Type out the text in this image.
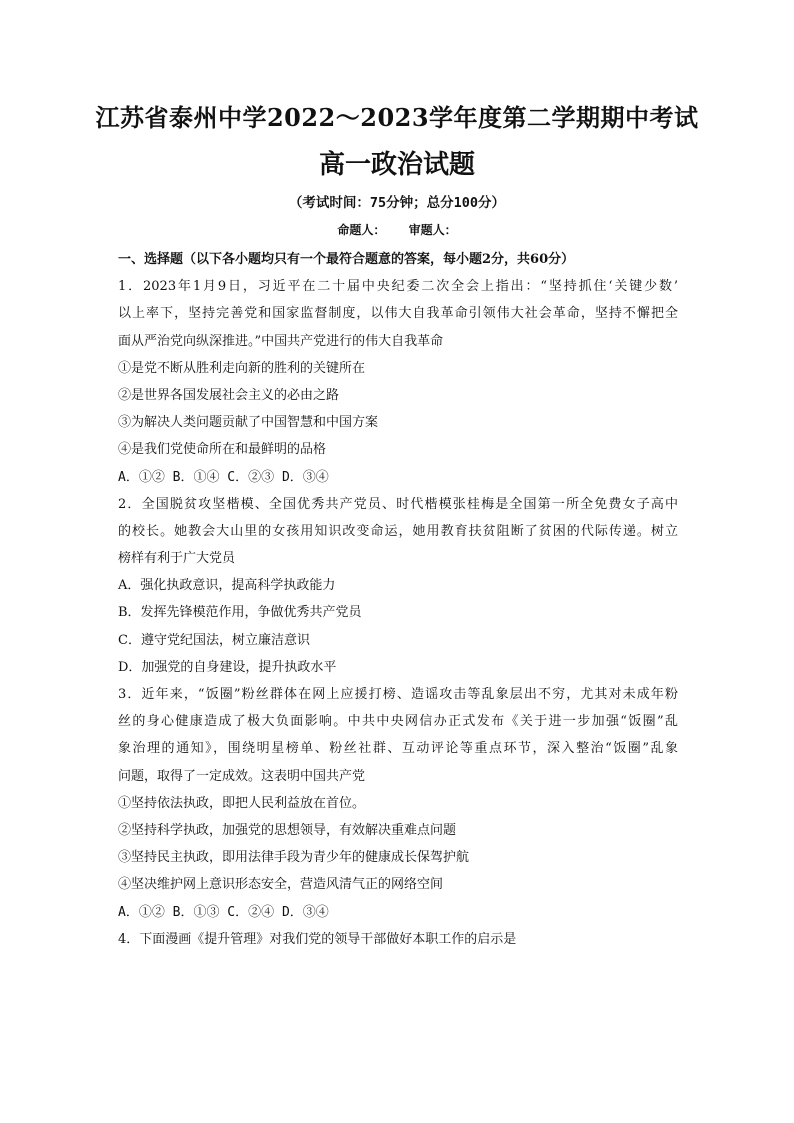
江苏省泰州中学2022～2023学年度第二学期期中考试
高一政治试题
（考试时间：75分钟；总分100分）
命题人： 审题人：
一、选择题（以下各小题均只有一个最符合题意的答案，每小题2分，共60分）
1．2023年1月9日，习近平在二十届中央纪委二次全会上指出：“坚持抓住‘关键少数’
以上率下，坚持完善党和国家监督制度，以伟大自我革命引领伟大社会革命，坚持不懈把全
面从严治党向纵深推进。”中国共产党进行的伟大自我革命
①是党不断从胜利走向新的胜利的关键所在
②是世界各国发展社会主义的必由之路
③为解决人类问题贡献了中国智慧和中国方案
④是我们党使命所在和最鲜明的品格
A．①② B．①④ C．②③ D．③④
2．全国脱贫攻坚楷模、全国优秀共产党员、时代楷模张桂梅是全国第一所全免费女子高中
的校长。她教会大山里的女孩用知识改变命运，她用教育扶贫阻断了贫困的代际传递。树立
榜样有利于广大党员
A．强化执政意识，提高科学执政能力
B．发挥先锋模范作用，争做优秀共产党员
C．遵守党纪国法，树立廉洁意识
D．加强党的自身建设，提升执政水平
3．近年来，“饭圈”粉丝群体在网上应援打榜、造谣攻击等乱象层出不穷，尤其对未成年粉
丝的身心健康造成了极大负面影响。中共中央网信办正式发布《关于进一步加强“饭圈”乱
象治理的通知》，围绕明星榜单、粉丝社群、互动评论等重点环节，深入整治“饭圈”乱象
问题，取得了一定成效。这表明中国共产党
①坚持依法执政，即把人民利益放在首位。
②坚持科学执政，加强党的思想领导，有效解决重难点问题
③坚持民主执政，即用法律手段为青少年的健康成长保驾护航
④坚决维护网上意识形态安全，营造风清气正的网络空间
A．①② B．①③ C．②④ D．③④
4．下面漫画《提升管理》对我们党的领导干部做好本职工作的启示是
